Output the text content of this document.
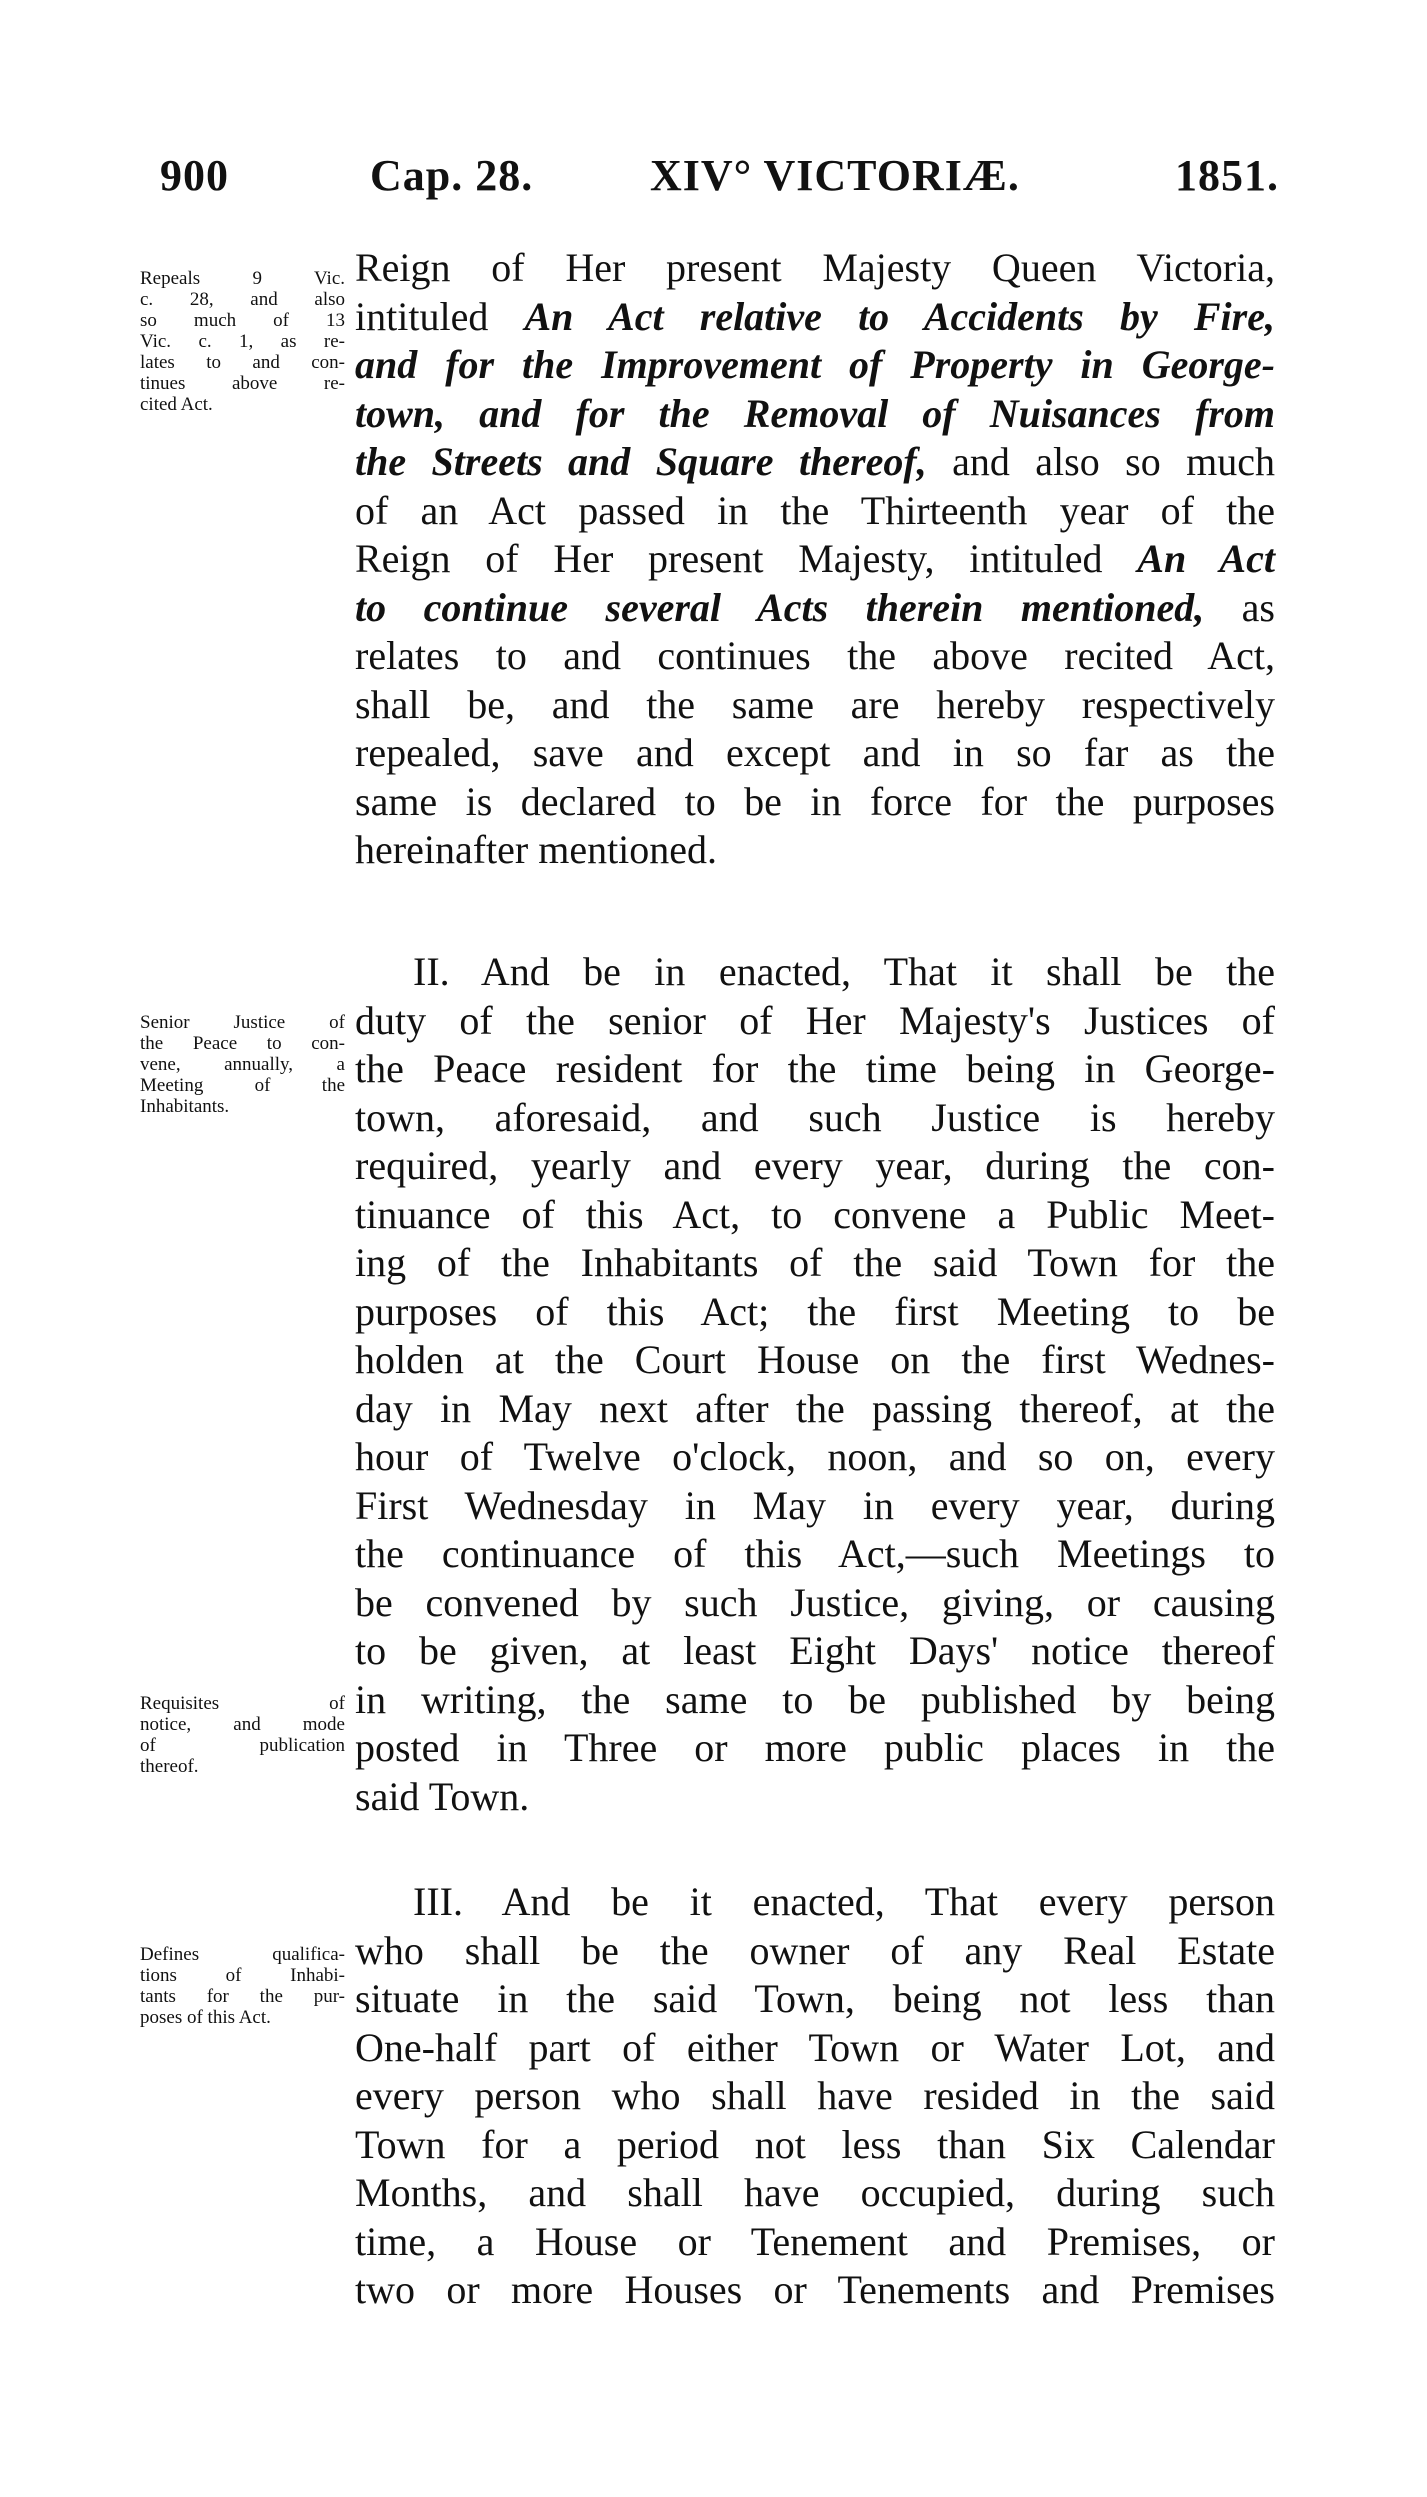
900	Cap. 28.	XIV° VICTORIÆ.	1851.
Repeals 9 Vic.
c. 28, and also
so much of 13
Vic. c. 1, as re-
lates to and con-
tinues above re-
cited Act.
Reign of Her present Majesty Queen Victoria,
intituled An Act relative to Accidents by Fire,
and for the Improvement of Property in George-
town, and for the Removal of Nuisances from
the Streets and Square thereof, and also so much
of an Act passed in the Thirteenth year of the
Reign of Her present Majesty, intituled An Act
to continue several Acts therein mentioned, as
relates to and continues the above recited Act,
shall be, and the same are hereby respectively
repealed, save and except and in so far as the
same is declared to be in force for the purposes
hereinafter mentioned.
Senior Justice of
the Peace to con-
vene, annually, a
Meeting of the
Inhabitants.
II. And be in enacted, That it shall be the
duty of the senior of Her Majesty's Justices of
the Peace resident for the time being in George-
town, aforesaid, and such Justice is hereby
required, yearly and every year, during the con-
tinuance of this Act, to convene a Public Meet-
ing of the Inhabitants of the said Town for the
purposes of this Act; the first Meeting to be
holden at the Court House on the first Wednes-
day in May next after the passing thereof, at the
hour of Twelve o'clock, noon, and so on, every
First Wednesday in May in every year, during
the continuance of this Act,—such Meetings to
be convened by such Justice, giving, or causing
to be given, at least Eight Days' notice thereof
in writing, the same to be published by being
posted in Three or more public places in the
said Town.
Requisites of
notice, and mode
of publication
thereof.
Defines qualifica-
tions of Inhabi-
tants for the pur-
poses of this Act.
III. And be it enacted, That every person
who shall be the owner of any Real Estate
situate in the said Town, being not less than
One-half part of either Town or Water Lot, and
every person who shall have resided in the said
Town for a period not less than Six Calendar
Months, and shall have occupied, during such
time, a House or Tenement and Premises, or
two or more Houses or Tenements and Premises
